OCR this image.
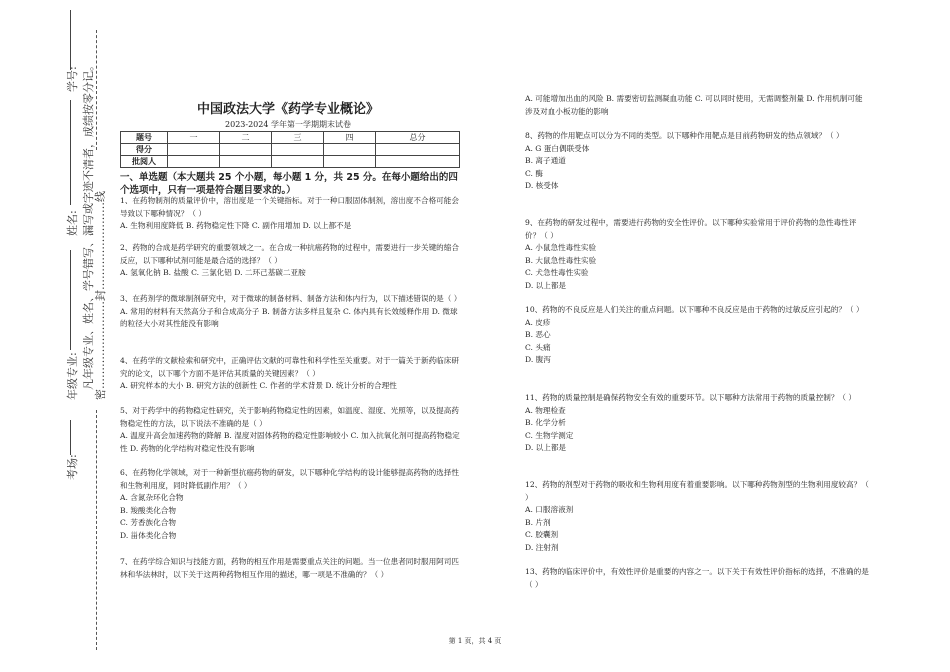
学号:
姓名:
年级专业:
考场:
凡年级专业、姓名、学号错写、漏写或字迹不清者，成绩按零分记。 密……………………封……………………线
中国政法大学《药学专业概论》
2023-2024 学年第一学期期末试卷
题号	一	二	三	四	总分
得分					
批阅人					
一、单选题（本大题共 25 个小题，每小题 1 分，共 25 分。在每小题给出的四个选项中，只有一项是符合题目要求的。）

1、在药物制剂的质量评价中，溶出度是一个关键指标。对于一种口服固体制剂，溶出度不合格可能会导致以下哪种情况？（ ）

A. 生物利用度降低 B. 药物稳定性下降 C. 副作用增加 D. 以上都不是

2、药物的合成是药学研究的重要领域之一。在合成一种抗癌药物的过程中，需要进行一步关键的缩合反应，以下哪种试剂可能是最合适的选择？（ ）

A. 氢氧化钠 B. 盐酸 C. 三氯化铝 D. 二环己基碳二亚胺

3、在药剂学的微球制剂研究中，对于微球的制备材料、制备方法和体内行为，以下描述错误的是（ ）

A. 常用的材料有天然高分子和合成高分子 B. 制备方法多样且复杂 C. 体内具有长效缓释作用 D. 微球的粒径大小对其性能没有影响

4、在药学的文献检索和研究中，正确评估文献的可靠性和科学性至关重要。对于一篇关于新药临床研究的论文，以下哪个方面不是评估其质量的关键因素？（ ）

A. 研究样本的大小 B. 研究方法的创新性 C. 作者的学术背景 D. 统计分析的合理性

5、对于药学中的药物稳定性研究，关于影响药物稳定性的因素，如温度、湿度、光照等，以及提高药物稳定性的方法，以下说法不准确的是（ ）

A. 温度升高会加速药物的降解 B. 湿度对固体药物的稳定性影响较小 C. 加入抗氧化剂可提高药物稳定性 D. 药物的化学结构对稳定性没有影响

6、在药物化学领域，对于一种新型抗癌药物的研发，以下哪种化学结构的设计能够提高药物的选择性和生物利用度，同时降低副作用？（ ）

A. 含氮杂环化合物

B. 羧酸类化合物

C. 芳香族化合物

D. 甾体类化合物

7、在药学综合知识与技能方面，药物的相互作用是需要重点关注的问题。当一位患者同时服用阿司匹林和华法林时，以下关于这两种药物相互作用的描述，哪一项是不准确的？（ ）

A. 可能增加出血的风险 B. 需要密切监测凝血功能 C. 可以同时使用，无需调整剂量 D. 作用机制可能涉及对血小板功能的影响

8、药物的作用靶点可以分为不同的类型。以下哪种作用靶点是目前药物研发的热点领域？（ ）

A. G 蛋白偶联受体

B. 离子通道

C. 酶

D. 核受体

9、在药物的研发过程中，需要进行药物的安全性评价。以下哪种实验常用于评价药物的急性毒性评价？（ ）

A. 小鼠急性毒性实验

B. 大鼠急性毒性实验

C. 犬急性毒性实验

D. 以上都是

10、药物的不良反应是人们关注的重点问题。以下哪种不良反应是由于药物的过敏反应引起的？（ ）

A. 皮疹

B. 恶心

C. 头痛

D. 腹泻

11、药物的质量控制是确保药物安全有效的重要环节。以下哪种方法常用于药物的质量控制？（ ）

A. 物理检查

B. 化学分析

C. 生物学测定

D. 以上都是

12、药物的剂型对于药物的吸收和生物利用度有着重要影响。以下哪种药物剂型的生物利用度较高？（ ）

A. 口服溶液剂

B. 片剂

C. 胶囊剂

D. 注射剂

13、药物的临床评价中，有效性评价是重要的内容之一。以下关于有效性评价指标的选择，不准确的是（ ）

第 1 页，共 4 页
